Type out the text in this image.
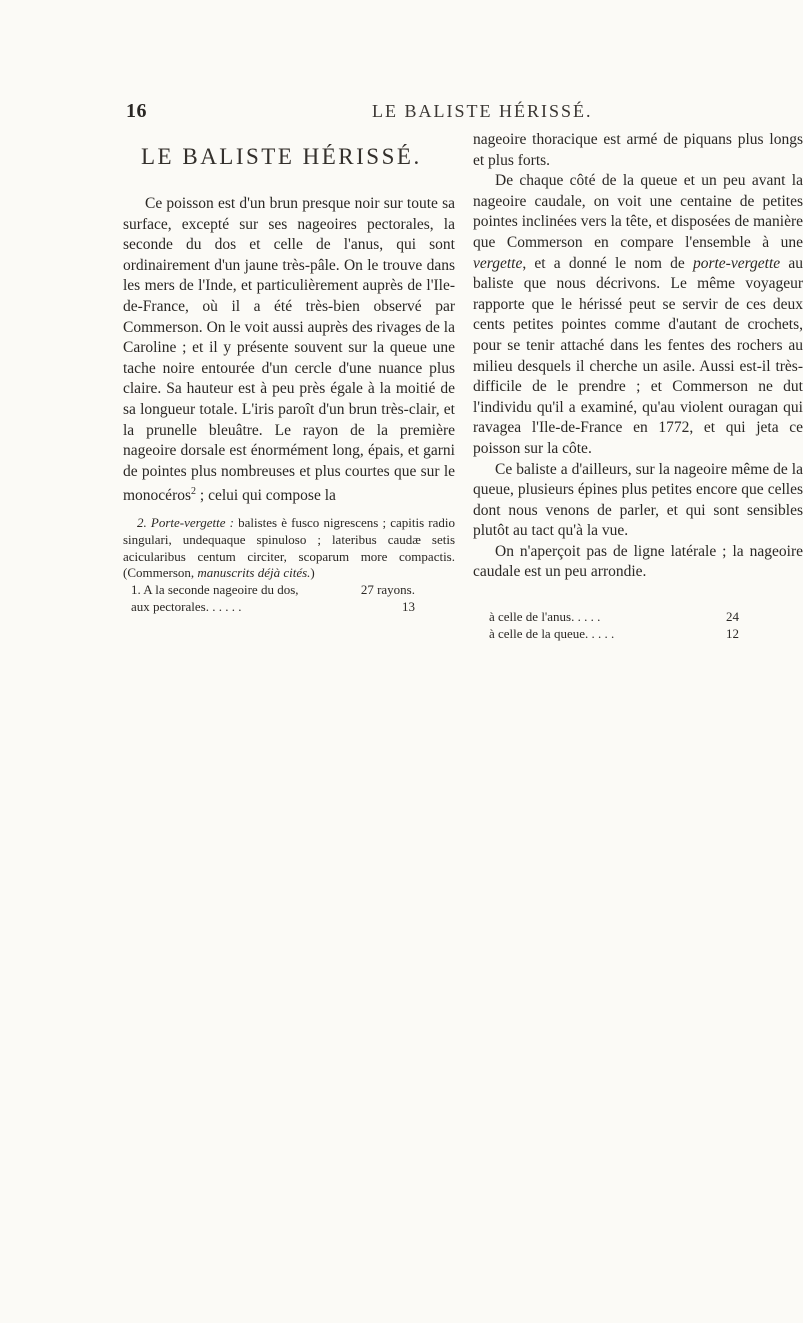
16	LE BALISTE HÉRISSÉ.
LE BALISTE HÉRISSÉ.

Ce poisson est d'un brun presque noir sur toute sa surface, excepté sur ses nageoires pectorales, la seconde du dos et celle de l'anus, qui sont ordinairement d'un jaune très-pâle. On le trouve dans les mers de l'Inde, et particulièrement auprès de l'Ile-de-France, où il a été très-bien observé par Commerson. On le voit aussi auprès des rivages de la Caroline ; et il y présente souvent sur la queue une tache noire entourée d'un cercle d'une nuance plus claire. Sa hauteur est à peu près égale à la moitié de sa longueur totale. L'iris paroît d'un brun très-clair, et la prunelle bleuâtre. Le rayon de la première nageoire dorsale est énormément long, épais, et garni de pointes plus nombreuses et plus courtes que sur le monocéros$^2$ ; celui qui compose la

2. Porte-vergette : balistes è fusco nigrescens ; capitis radio singulari, undequaque spinuloso ; lateribus caudæ setis acicularibus centum circiter, scoparum more compactis. (Commerson, manuscrits déjà cités.)

1. A la seconde nageoire du dos,	27 rayons.
aux pectorales. . . . . .	13

nageoire thoracique est armé de piquans plus longs et plus forts.

De chaque côté de la queue et un peu avant la nageoire caudale, on voit une centaine de petites pointes inclinées vers la tête, et disposées de manière que Commerson en compare l'ensemble à une vergette, et a donné le nom de porte-vergette au baliste que nous décrivons. Le même voyageur rapporte que le hérissé peut se servir de ces deux cents petites pointes comme d'autant de crochets, pour se tenir attaché dans les fentes des rochers au milieu desquels il cherche un asile. Aussi est-il très-difficile de le prendre ; et Commerson ne dut l'individu qu'il a examiné, qu'au violent ouragan qui ravagea l'Ile-de-France en 1772, et qui jeta ce poisson sur la côte.

Ce baliste a d'ailleurs, sur la nageoire même de la queue, plusieurs épines plus petites encore que celles dont nous venons de parler, et qui sont sensibles plutôt au tact qu'à la vue.

On n'aperçoit pas de ligne latérale ; la nageoire caudale est un peu arrondie.

à celle de l'anus. . . . .	24
à celle de la queue. . . . .	12
